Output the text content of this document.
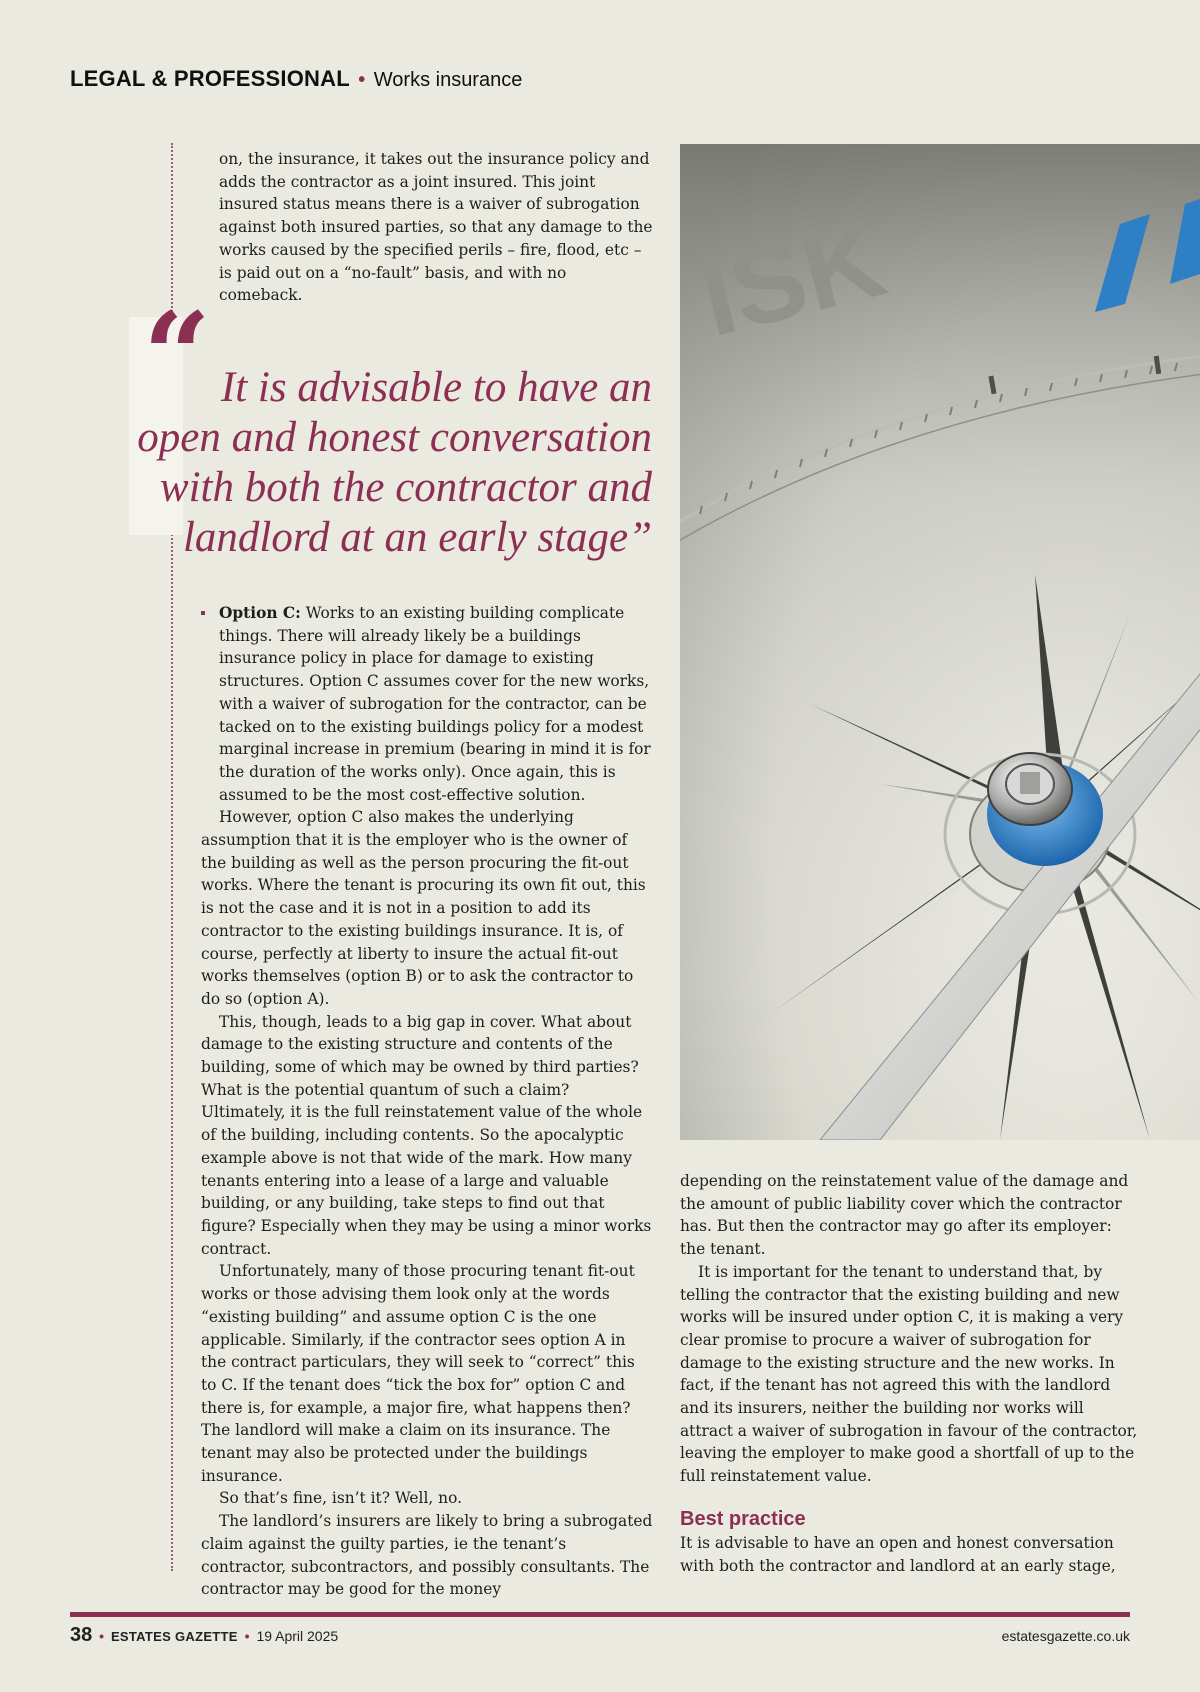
LEGAL & PROFESSIONAL • Works insurance

on, the insurance, it takes out the insurance policy and adds the contractor as a joint insured. This joint insured status means there is a waiver of subrogation against both insured parties, so that any damage to the works caused by the specified perils – fire, flood, etc – is paid out on a “no-fault” basis, and with no comeback.

“ It is advisable to have an
open and honest conversation
with both the contractor and
landlord at an early stage”

Option C: Works to an existing building complicate things. There will already likely be a buildings insurance policy in place for damage to existing structures. Option C assumes cover for the new works, with a waiver of subrogation for the contractor, can be tacked on to the existing buildings policy for a modest marginal increase in premium (bearing in mind it is for the duration of the works only). Once again, this is assumed to be the most cost-effective solution.

However, option C also makes the underlying assumption that it is the employer who is the owner of the building as well as the person procuring the fit-out works. Where the tenant is procuring its own fit out, this is not the case and it is not in a position to add its contractor to the existing buildings insurance. It is, of course, perfectly at liberty to insure the actual fit-out works themselves (option B) or to ask the contractor to do so (option A).

This, though, leads to a big gap in cover. What about damage to the existing structure and contents of the building, some of which may be owned by third parties? What is the potential quantum of such a claim? Ultimately, it is the full reinstatement value of the whole of the building, including contents. So the apocalyptic example above is not that wide of the mark. How many tenants entering into a lease of a large and valuable building, or any building, take steps to find out that figure? Especially when they may be using a minor works contract.

Unfortunately, many of those procuring tenant fit-out works or those advising them look only at the words “existing building” and assume option C is the one applicable. Similarly, if the contractor sees option A in the contract particulars, they will seek to “correct” this to C. If the tenant does “tick the box for” option C and there is, for example, a major fire, what happens then? The landlord will make a claim on its insurance. The tenant may also be protected under the buildings insurance.

So that’s fine, isn’t it? Well, no.

The landlord’s insurers are likely to bring a subrogated claim against the guilty parties, ie the tenant’s contractor, subcontractors, and possibly consultants. The contractor may be good for the money

ISK

depending on the reinstatement value of the damage and the amount of public liability cover which the contractor has. But then the contractor may go after its employer: the tenant.

It is important for the tenant to understand that, by telling the contractor that the existing building and new works will be insured under option C, it is making a very clear promise to procure a waiver of subrogation for damage to the existing structure and the new works. In fact, if the tenant has not agreed this with the landlord and its insurers, neither the building nor works will attract a waiver of subrogation in favour of the contractor, leaving the employer to make good a shortfall of up to the full reinstatement value.

Best practice

It is advisable to have an open and honest conversation with both the contractor and landlord at an early stage,

38 • ESTATES GAZETTE • 19 April 2025	estatesgazette.co.uk
